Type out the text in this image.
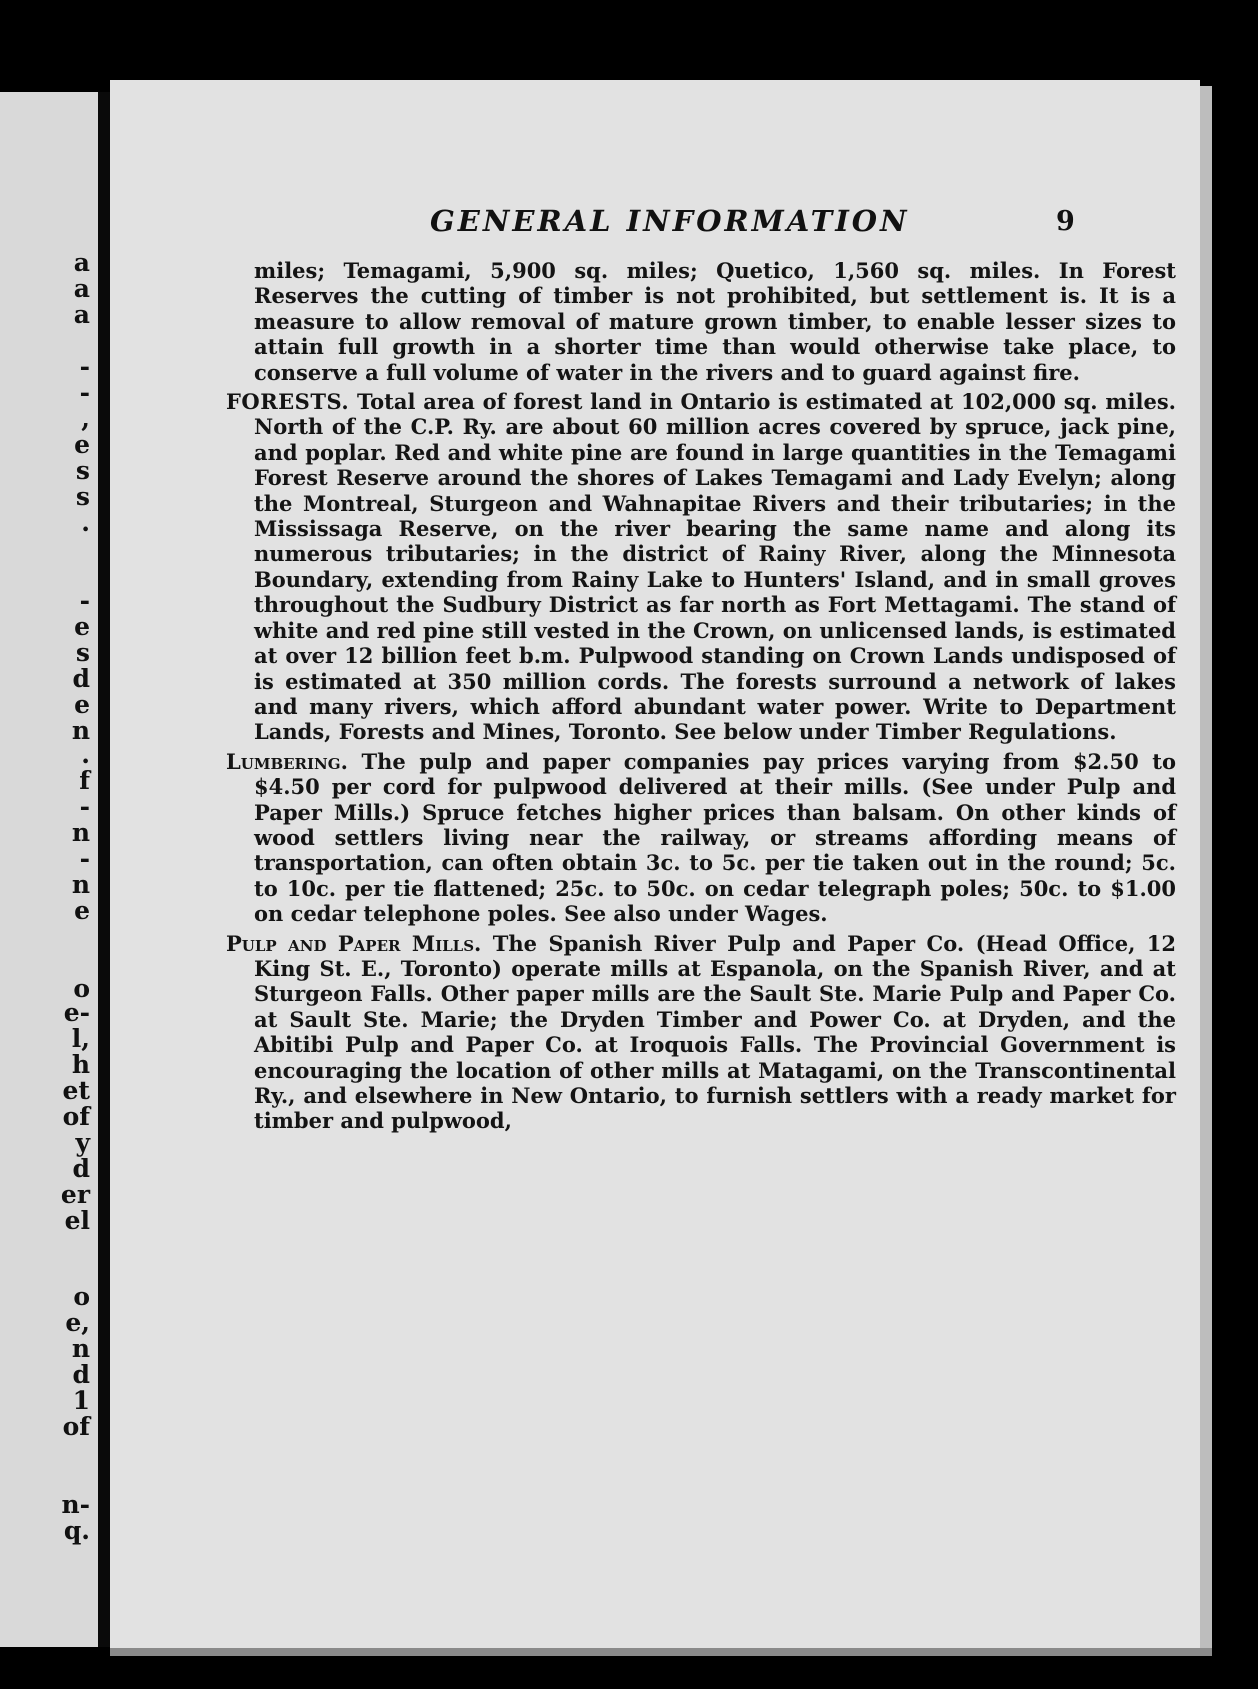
a
a
a
-
-
,
e
s
s
.
-
e
s
d
e
n
.
f
-
n
-
n
e
o
e-
l,
h
et
of
y
d
er
el
o
e,
n
d
1
of
n-
q.
GENERAL INFORMATION	9

miles; Temagami, 5,900 sq. miles; Quetico, 1,560 sq. miles. In Forest Reserves the cutting of timber is not prohibited, but settlement is. It is a measure to allow removal of mature grown timber, to enable lesser sizes to attain full growth in a shorter time than would otherwise take place, to conserve a full volume of water in the rivers and to guard against fire.

FORESTS. Total area of forest land in Ontario is estimated at 102,000 sq. miles. North of the C.P. Ry. are about 60 million acres covered by spruce, jack pine, and poplar. Red and white pine are found in large quantities in the Temagami Forest Reserve around the shores of Lakes Temagami and Lady Evelyn; along the Montreal, Sturgeon and Wahnapitae Rivers and their tributaries; in the Mississaga Reserve, on the river bearing the same name and along its numerous tributaries; in the district of Rainy River, along the Minnesota Boundary, extending from Rainy Lake to Hunters' Island, and in small groves throughout the Sudbury District as far north as Fort Mettagami. The stand of white and red pine still vested in the Crown, on unlicensed lands, is estimated at over 12 billion feet b.m. Pulpwood standing on Crown Lands undisposed of is estimated at 350 million cords. The forests surround a network of lakes and many rivers, which afford abundant water power. Write to Department Lands, Forests and Mines, Toronto. See below under Timber Regulations.

Lumbering. The pulp and paper companies pay prices varying from $2.50 to $4.50 per cord for pulpwood delivered at their mills. (See under Pulp and Paper Mills.) Spruce fetches higher prices than balsam. On other kinds of wood settlers living near the railway, or streams affording means of transportation, can often obtain 3c. to 5c. per tie taken out in the round; 5c. to 10c. per tie flattened; 25c. to 50c. on cedar telegraph poles; 50c. to $1.00 on cedar telephone poles. See also under Wages.

Pulp and Paper Mills. The Spanish River Pulp and Paper Co. (Head Office, 12 King St. E., Toronto) operate mills at Espanola, on the Spanish River, and at Sturgeon Falls. Other paper mills are the Sault Ste. Marie Pulp and Paper Co. at Sault Ste. Marie; the Dryden Timber and Power Co. at Dryden, and the Abitibi Pulp and Paper Co. at Iroquois Falls. The Provincial Government is encouraging the location of other mills at Matagami, on the Transcontinental Ry., and elsewhere in New Ontario, to furnish settlers with a ready market for timber and pulpwood,
